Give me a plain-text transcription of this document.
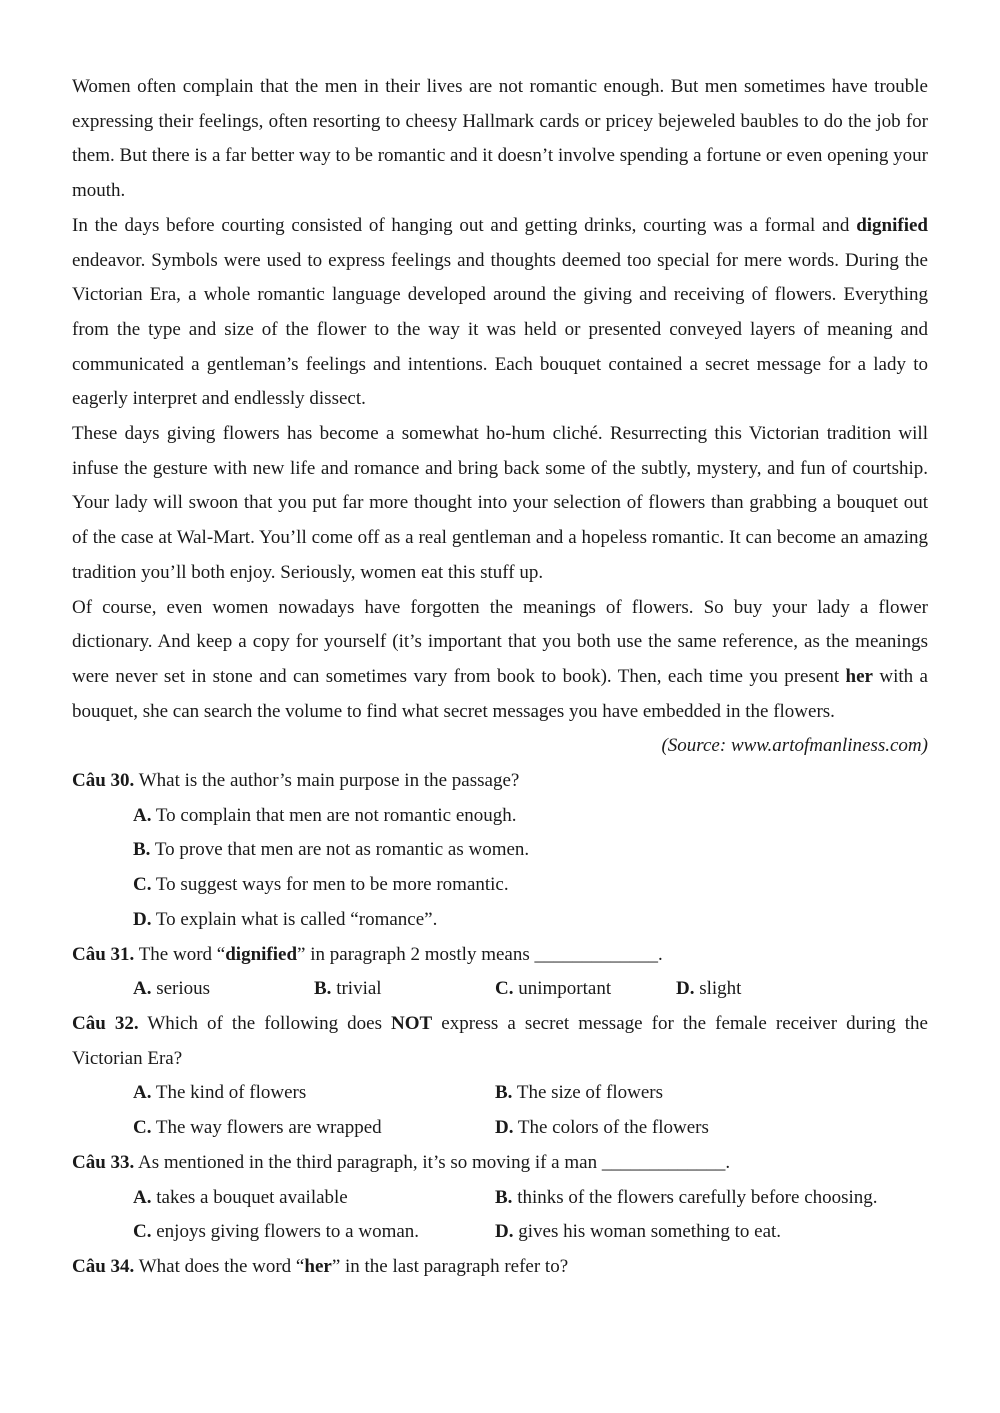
Women often complain that the men in their lives are not romantic enough. But men sometimes have trouble expressing their feelings, often resorting to cheesy Hallmark cards or pricey bejeweled baubles to do the job for them. But there is a far better way to be romantic and it doesn’t involve spending a fortune or even opening your mouth.

In the days before courting consisted of hanging out and getting drinks, courting was a formal and dignified endeavor. Symbols were used to express feelings and thoughts deemed too special for mere words. During the Victorian Era, a whole romantic language developed around the giving and receiving of flowers. Everything from the type and size of the flower to the way it was held or presented conveyed layers of meaning and communicated a gentleman’s feelings and intentions. Each bouquet contained a secret message for a lady to eagerly interpret and endlessly dissect.

These days giving flowers has become a somewhat ho-hum cliché. Resurrecting this Victorian tradition will infuse the gesture with new life and romance and bring back some of the subtly, mystery, and fun of courtship. Your lady will swoon that you put far more thought into your selection of flowers than grabbing a bouquet out of the case at Wal-Mart. You’ll come off as a real gentleman and a hopeless romantic. It can become an amazing tradition you’ll both enjoy. Seriously, women eat this stuff up.

Of course, even women nowadays have forgotten the meanings of flowers. So buy your lady a flower dictionary. And keep a copy for yourself (it’s important that you both use the same reference, as the meanings were never set in stone and can sometimes vary from book to book). Then, each time you present her with a bouquet, she can search the volume to find what secret messages you have embedded in the flowers.

(Source: www.artofmanliness.com)

Câu 30. What is the author’s main purpose in the passage?

A. To complain that men are not romantic enough.

B. To prove that men are not as romantic as women.

C. To suggest ways for men to be more romantic.

D. To explain what is called “romance”.

Câu 31. The word “dignified” in paragraph 2 mostly means _____________.

A. serious	B. trivial	C. unimportant	D. slight

Câu 32. Which of the following does NOT express a secret message for the female receiver during the Victorian Era?

A. The kind of flowers	B. The size of flowers
C. The way flowers are wrapped	D. The colors of the flowers

Câu 33. As mentioned in the third paragraph, it’s so moving if a man _____________.

A. takes a bouquet available	B. thinks of the flowers carefully before choosing.
C. enjoys giving flowers to a woman.	D. gives his woman something to eat.

Câu 34. What does the word “her” in the last paragraph refer to?
